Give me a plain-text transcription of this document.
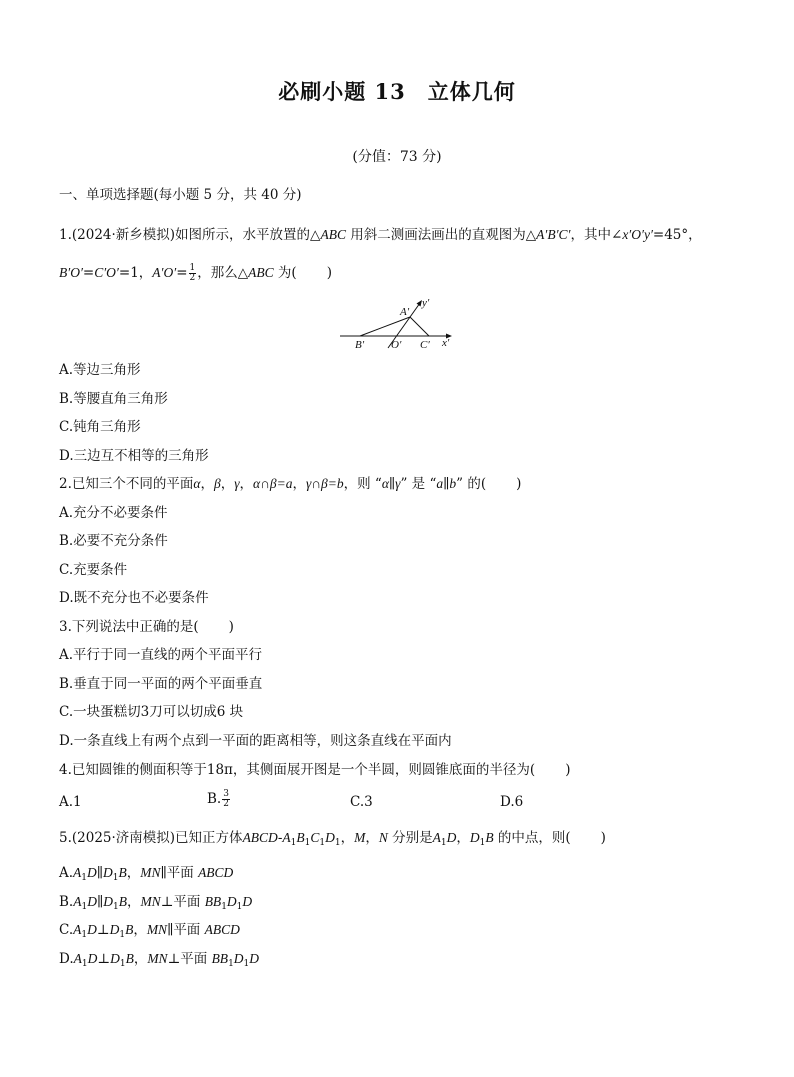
必刷小题 13 立体几何
(分值：73 分)
一、单项选择题(每小题 5 分，共 40 分)
1.(2024·新乡模拟)如图所示，水平放置的△ABC 用斜二测画法画出的直观图为△A′B′C′，其中∠x′O′y′=45°，
B′O′=C′O′=1，$A'O'= \frac{1}{2}$ ，那么△ABC 为( )
A′
y′
B′ O′ C′ x′
A.等边三角形
B.等腰直角三角形
C.钝角三角形
D.三边互不相等的三角形
2.已知三个不同的平面α，β，γ，α∩β=a，γ∩β=b，则 “α∥γ” 是 “a∥b” 的( )
A.充分不必要条件
B.必要不充分条件
C.充要条件
D.既不充分也不必要条件
3.下列说法中正确的是( )
A.平行于同一直线的两个平面平行
B.垂直于同一平面的两个平面垂直
C.一块蛋糕切3刀可以切成6 块
D.一条直线上有两个点到一平面的距离相等，则这条直线在平面内
4.已知圆锥的侧面积等于18π，其侧面展开图是一个半圆，则圆锥底面的半径为( )
A.1	B. $\frac{3}{2}$	C.3	D.6
5.(2025·济南模拟)已知正方体ABCD-$A_1B_1C_1D_1$，M，N 分别是$A_1D$，$D_1B$ 的中点，则( )
$A.A_1D\parallel D_1B$，MN∥平面 ABCD
$B.A_1D\parallel D_1B$，MN⊥平面 $BB_1D_1D$
$C.A_1D\perp D_1B$，MN∥平面 ABCD
$D.A_1D\perp D_1B$，MN⊥平面 $BB_1D_1D$
